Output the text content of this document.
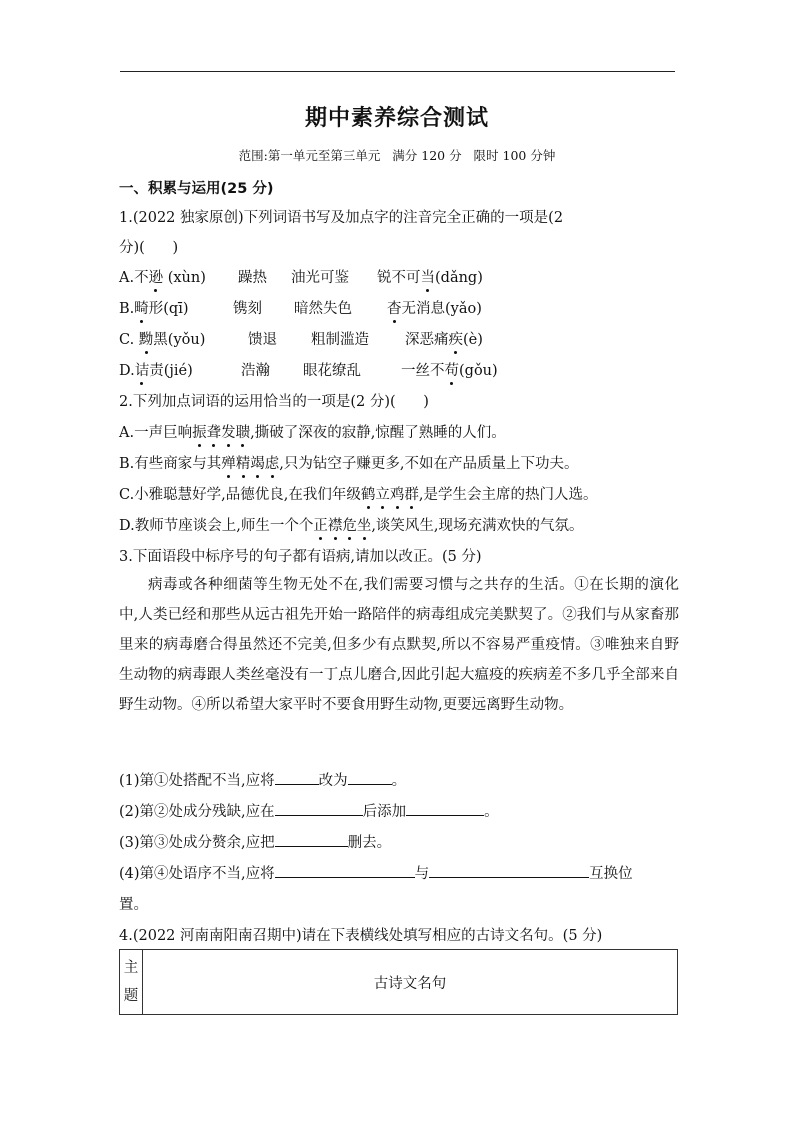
期中素养综合测试
范围:第一单元至第三单元   满分 120 分   限时 100 分钟
一、积累与运用(25 分)
1.(2022 独家原创)下列词语书写及加点字的注音完全正确的一项是(2
分)(      )
A.不逊 (xùn) 躁热 油光可鉴 锐不可当(dǎng)
B.畸形(qī)	镌刻 暗然失色 杳无消息(yǎo)
C. 黝黑(yǒu)	馈退 粗制滥造 深恶痛疾(è)
D.诘责(jié)	浩瀚 眼花缭乱	一丝不苟(gǒu)
2.下列加点词语的运用恰当的一项是(2 分)(      )
A.一声巨响振聋发聩,撕破了深夜的寂静,惊醒了熟睡的人们。
B.有些商家与其殚精竭虑,只为钻空子赚更多,不如在产品质量上下功夫。
C.小雅聪慧好学,品德优良,在我们年级鹤立鸡群,是学生会主席的热门人选。
D.教师节座谈会上,师生一个个正襟危坐,谈笑风生,现场充满欢快的气氛。
3.下面语段中标序号的句子都有语病,请加以改正。(5 分)
病毒或各种细菌等生物无处不在,我们需要习惯与之共存的生活。①在长期的演化中,人类已经和那些从远古祖先开始一路陪伴的病毒组成完美默契了。②我们与从家畜那里来的病毒磨合得虽然还不完美,但多少有点默契,所以不容易严重疫情。③唯独来自野生动物的病毒跟人类丝毫没有一丁点儿磨合,因此引起大瘟疫的疾病差不多几乎全部来自野生动物。④所以希望大家平时不要食用野生动物,更要远离野生动物。
(1)第①处搭配不当,应将	改为	。
(2)第②处成分残缺,应在	后添加	。
(3)第③处成分赘余,应把	删去。
(4)第④处语序不当,应将	与	互换位
置。
4.(2022 河南南阳南召期中)请在下表横线处填写相应的古诗文名句。(5 分)
主
题	古诗文名句
